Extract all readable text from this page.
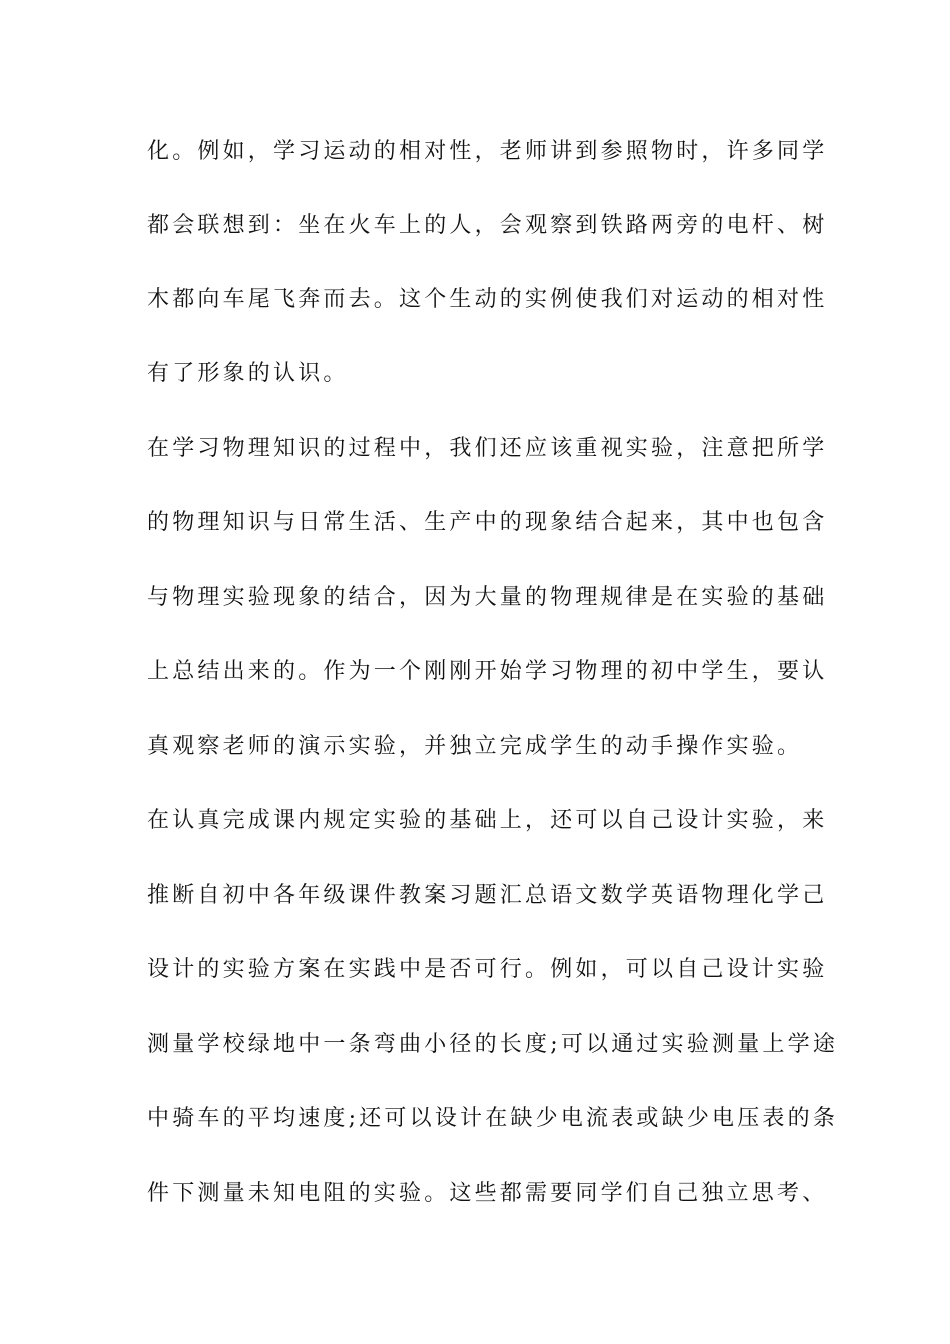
化。例如，学习运动的相对性，老师讲到参照物时，许多同学
都会联想到：坐在火车上的人，会观察到铁路两旁的电杆、树
木都向车尾飞奔而去。这个生动的实例使我们对运动的相对性
有了形象的认识。
在学习物理知识的过程中，我们还应该重视实验，注意把所学
的物理知识与日常生活、生产中的现象结合起来，其中也包含
与物理实验现象的结合，因为大量的物理规律是在实验的基础
上总结出来的。作为一个刚刚开始学习物理的初中学生，要认
真观察老师的演示实验，并独立完成学生的动手操作实验。
在认真完成课内规定实验的基础上，还可以自己设计实验，来
推断自初中各年级课件教案习题汇总语文数学英语物理化学己
设计的实验方案在实践中是否可行。例如，可以自己设计实验
测量学校绿地中一条弯曲小径的长度;可以通过实验测量上学途
中骑车的平均速度;还可以设计在缺少电流表或缺少电压表的条
件下测量未知电阻的实验。这些都需要同学们自己独立思考、
